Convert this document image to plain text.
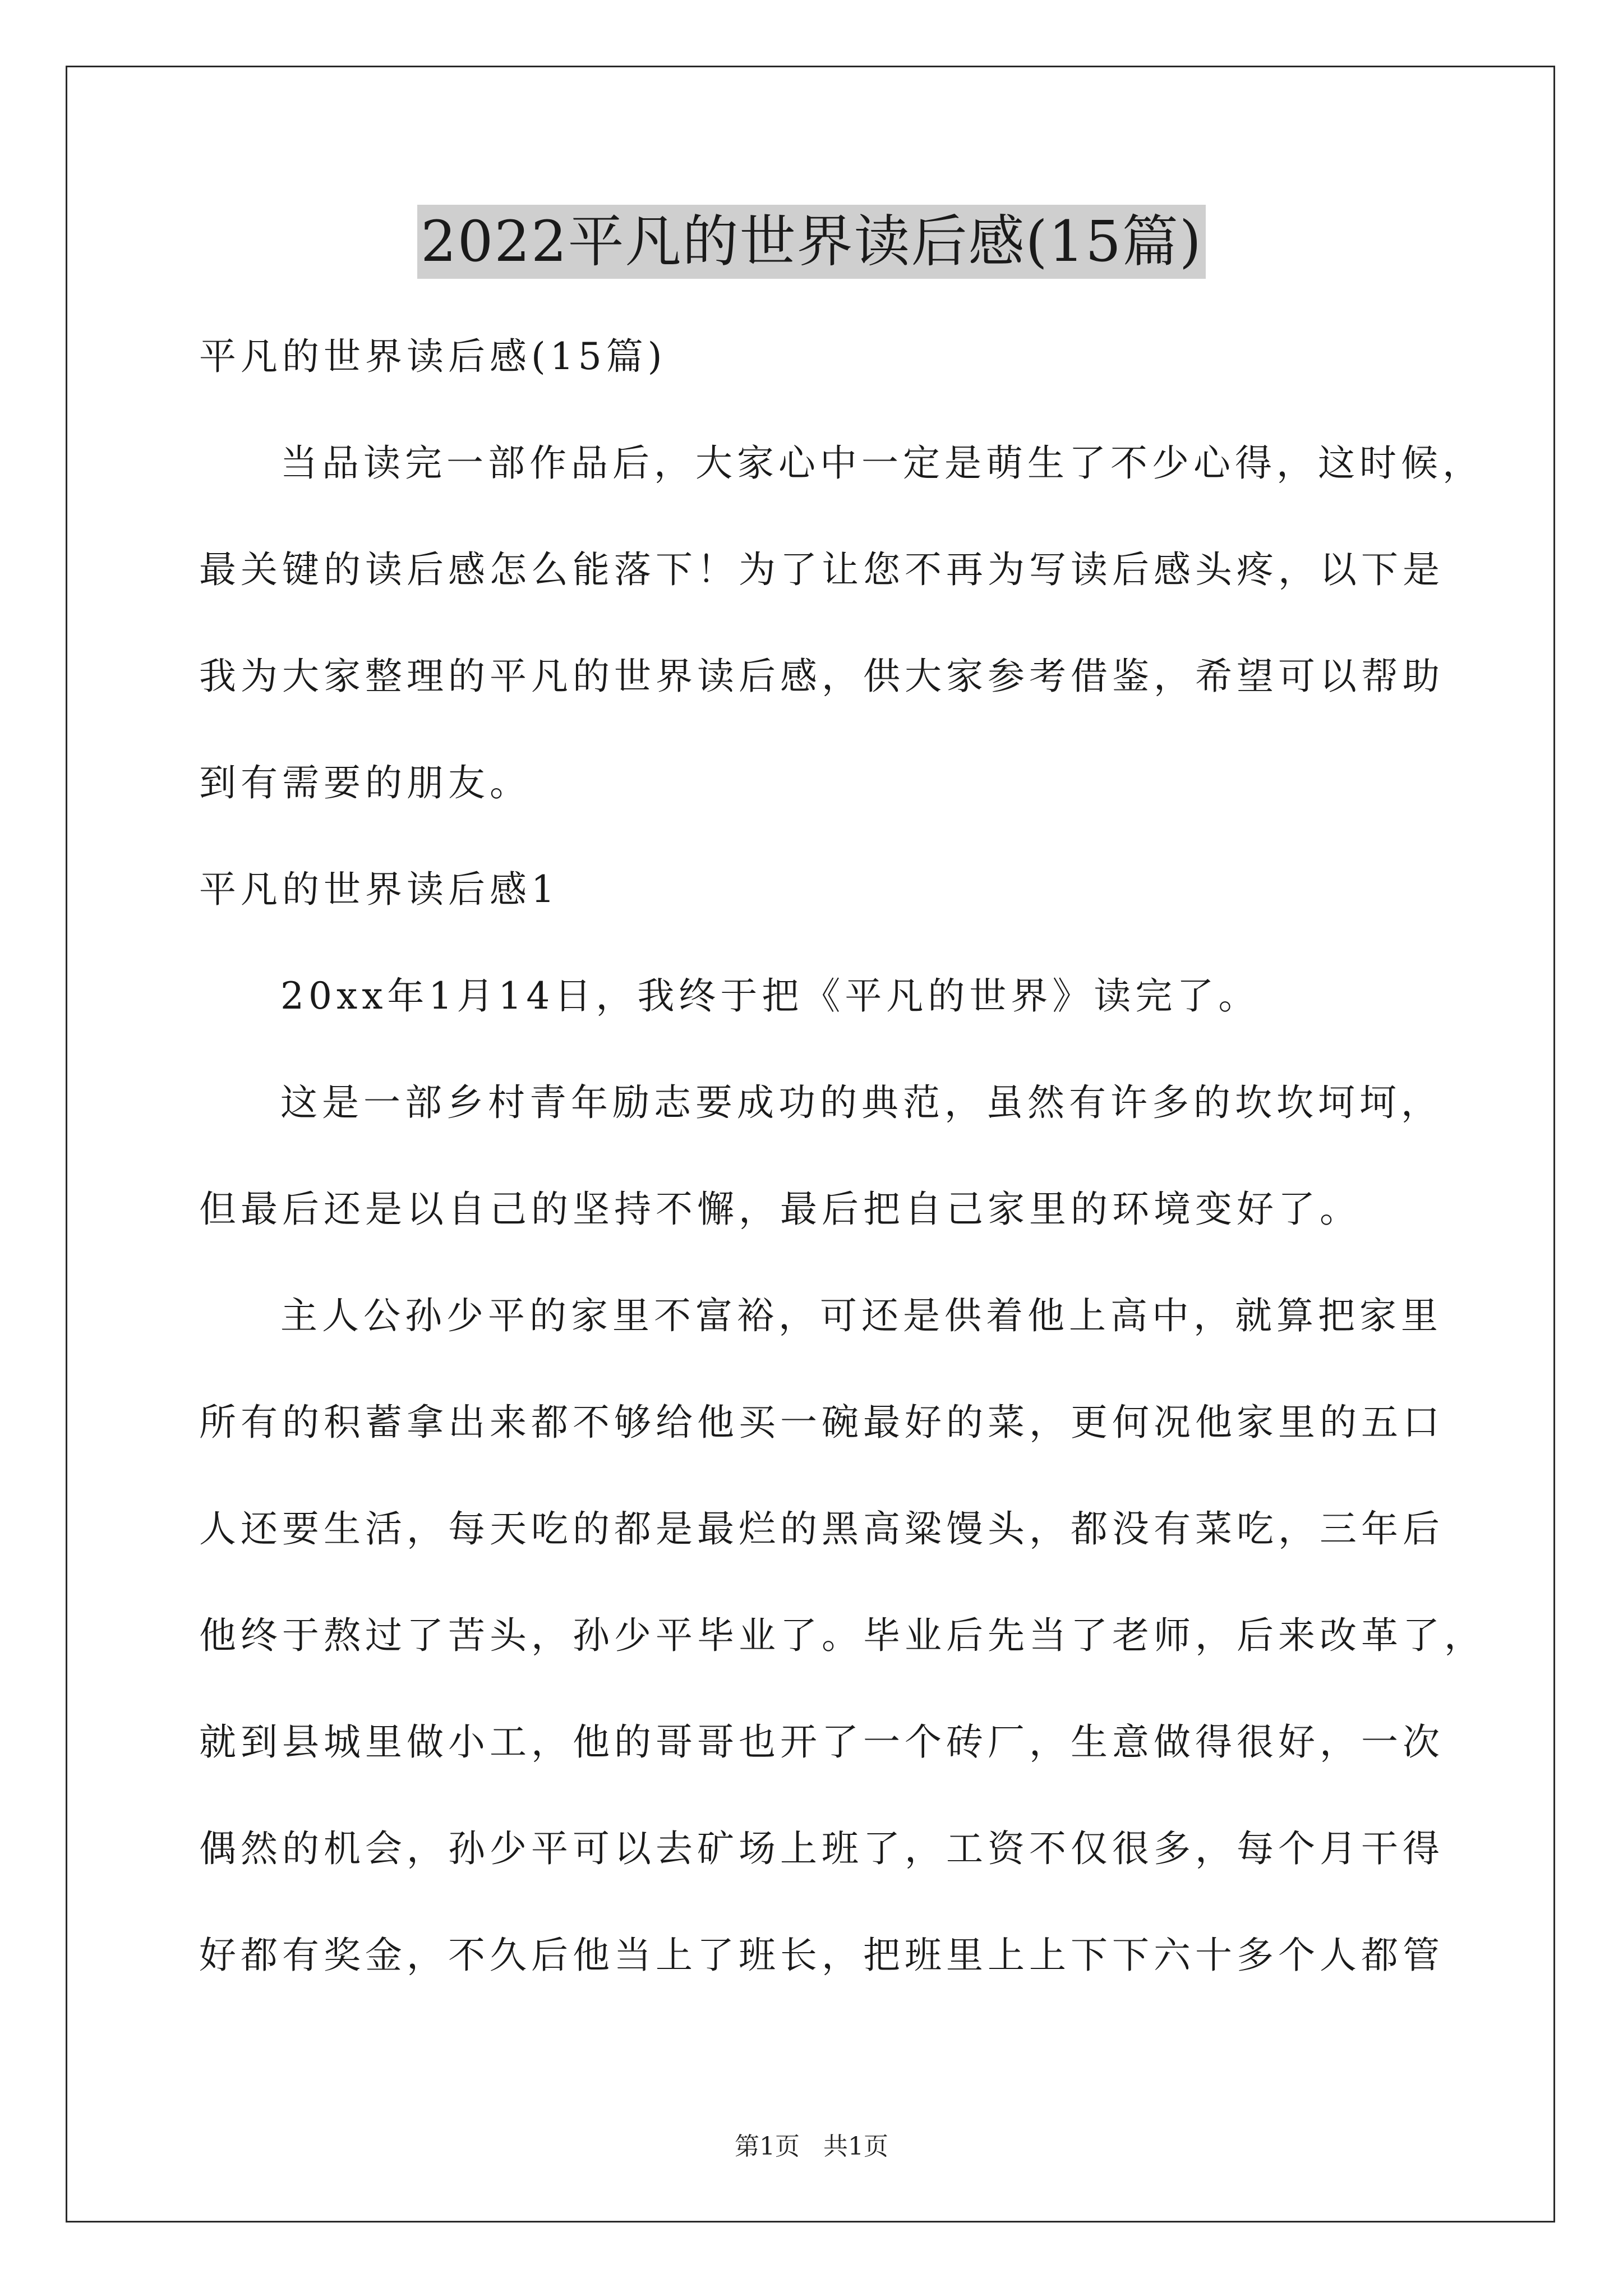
2022平凡的世界读后感(15篇)
平凡的世界读后感(15篇)
当品读完一部作品后，大家心中一定是萌生了不少心得，这时候，
最关键的读后感怎么能落下！为了让您不再为写读后感头疼，以下是
我为大家整理的平凡的世界读后感，供大家参考借鉴，希望可以帮助
到有需要的朋友。
平凡的世界读后感1
20xx年1月14日，我终于把《平凡的世界》读完了。
这是一部乡村青年励志要成功的典范，虽然有许多的坎坎坷坷，
但最后还是以自己的坚持不懈，最后把自己家里的环境变好了。
主人公孙少平的家里不富裕，可还是供着他上高中，就算把家里
所有的积蓄拿出来都不够给他买一碗最好的菜，更何况他家里的五口
人还要生活，每天吃的都是最烂的黑高粱馒头，都没有菜吃，三年后
他终于熬过了苦头，孙少平毕业了。毕业后先当了老师，后来改革了，
就到县城里做小工，他的哥哥也开了一个砖厂，生意做得很好，一次
偶然的机会，孙少平可以去矿场上班了，工资不仅很多，每个月干得
好都有奖金，不久后他当上了班长，把班里上上下下六十多个人都管
第1页   共1页
